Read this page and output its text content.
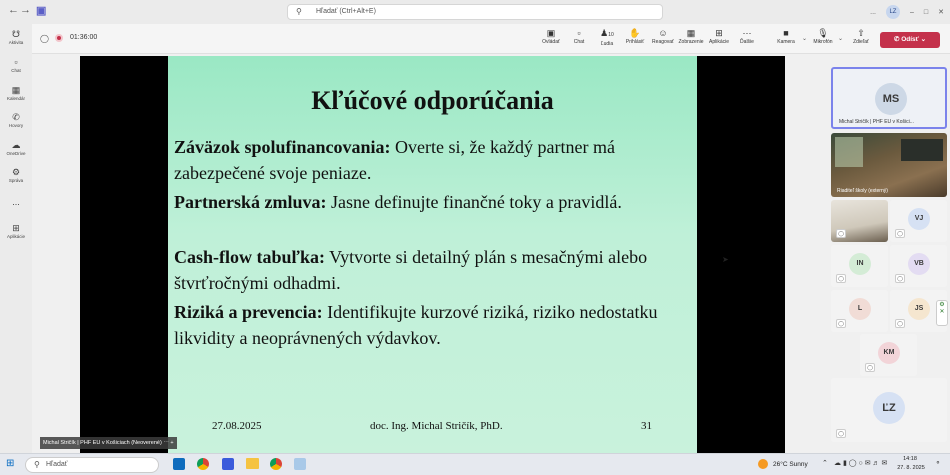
← → ▣	⚲ Hľadať (Ctrl+Alt+E)	...	LZ	– □ ✕
☋
Aktivita
▫
Chat
▦
Kalendár
✆
Hovory
☁
OneDrive
⚙
Správa
...
⊞
Aplikácie
◯	01:36:00	▣
Ovládať
▫
Chat
♟10
Ľudia
✋
Prihlásiť
☺
Reagovať
▦
Zobrazenie
⊞
Aplikácie
⋯
Ďalšie
■
Kamera	⌄
🎙
Mikrofón ⌄
⇧
Zdieľať	✆ Odísť ⌄
Kľúčové odporúčania
Záväzok spolufinancovania: Overte si, že každý partner má zabezpečené svoje peniaze.
Partnerská zmluva: Jasne definujte finančné toky a pravidlá.
Cash-flow tabuľka: Vytvorte si detailný plán s mesačnými alebo štvrťročnými odhadmi.
Riziká a prevencia: Identifikujte kurzové riziká, riziko nedostatku likvidity a neoprávnených výdavkov.
27.08.2025	doc. Ing. Michal Stričík, PhD.	31
Michal Stričík | PHF EU v Košiciach (Neoverené) ⋯ +
MS
Michal Stričík | PHF EU v Košici...
Riaditeľ školy (externý)
◯
VJ
◯
IN
◯
VB
◯
L
◯
JS
◯
KM
◯
ĽZ
◯
⚙
✕
⊞ ⚲ Hľadať	26°C Sunny ⌃ ☁ ▮ ◯ ○ ✉ ♬ ✉
14:18
27. 8. 2025
⚬
➤
